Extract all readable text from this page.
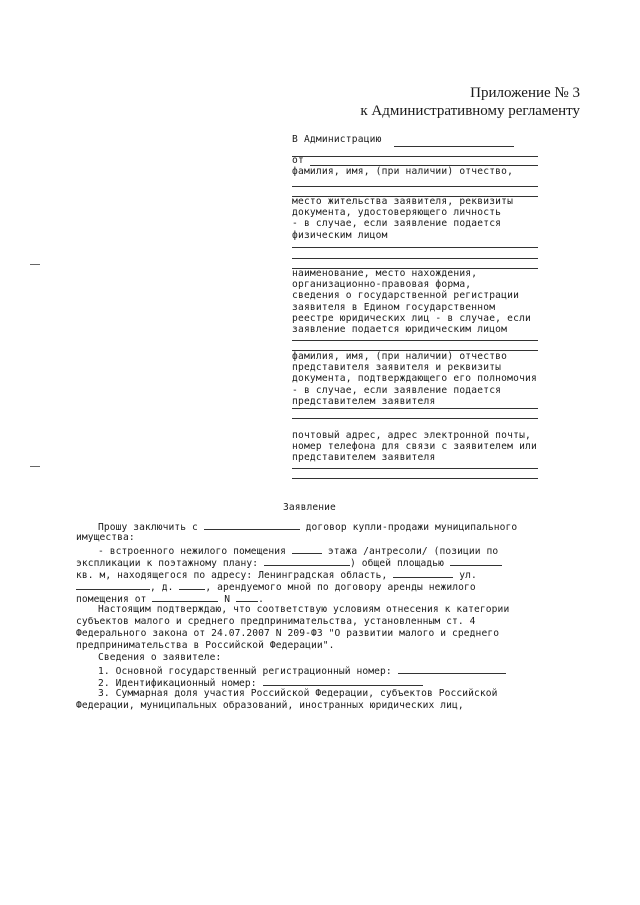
Приложение № 3
к Административному регламенту
В Администрацию
от
фамилия, имя, (при наличии) отчество,
место жительства заявителя, реквизиты
документа, удостоверяющего личность
- в случае, если заявление подается
физическим лицом
наименование, место нахождения,
организационно-правовая форма,
сведения о государственной регистрации
заявителя в Едином государственном
реестре юридических лиц - в случае, если
заявление подается юридическим лицом
фамилия, имя, (при наличии) отчество
представителя заявителя и реквизиты
документа, подтверждающего его полномочия
- в случае, если заявление подается
представителем заявителя
почтовый адрес, адрес электронной почты,
номер телефона для связи с заявителем или
представителем заявителя
Заявление
Прошу заключить с	договор купли-продажи муниципального
имущества:
- встроенного нежилого помещения	этажа /антресоли/ (позиции по
экспликации к поэтажному плану:	) общей площадью
кв. м, находящегося по адресу: Ленинградская область,	ул.
, д.	, арендуемого мной по договору аренды нежилого
помещения от	N	.
Настоящим подтверждаю, что соответствую условиям отнесения к категории
субъектов малого и среднего предпринимательства, установленным ст. 4
Федерального закона от 24.07.2007 N 209-ФЗ "О развитии малого и среднего
предпринимательства в Российской Федерации".
Сведения о заявителе:
1. Основной государственный регистрационный номер:
2. Идентификационный номер:
3. Суммарная доля участия Российской Федерации, субъектов Российской
Федерации, муниципальных образований, иностранных юридических лиц,
